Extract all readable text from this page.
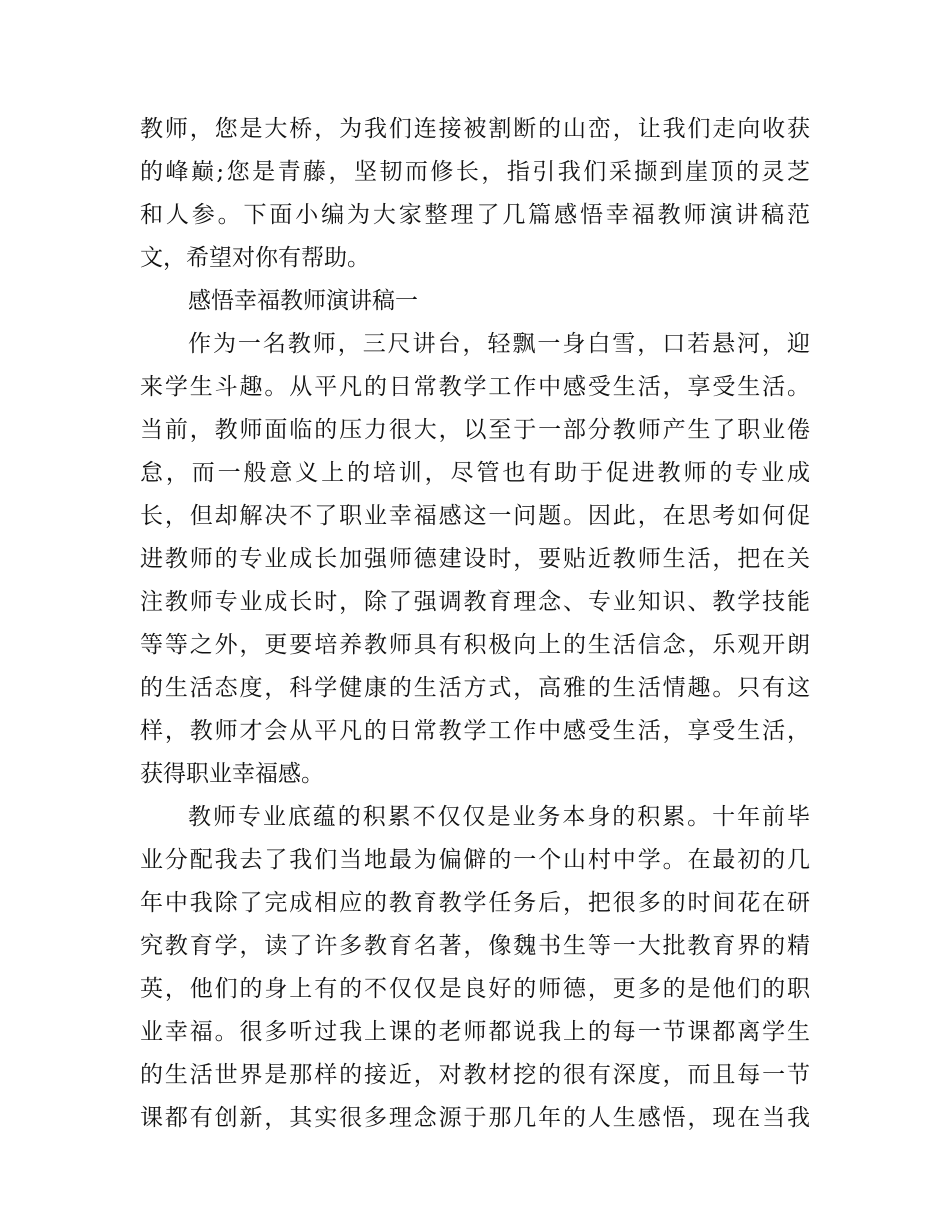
教师，您是大桥，为我们连接被割断的山峦，让我们走向收获

的峰巅;您是青藤，坚韧而修长，指引我们采撷到崖顶的灵芝

和人参。下面小编为大家整理了几篇感悟幸福教师演讲稿范

文，希望对你有帮助。

感悟幸福教师演讲稿一

作为一名教师，三尺讲台，轻飘一身白雪，口若悬河，迎

来学生斗趣。从平凡的日常教学工作中感受生活，享受生活。

当前，教师面临的压力很大，以至于一部分教师产生了职业倦

怠，而一般意义上的培训，尽管也有助于促进教师的专业成

长，但却解决不了职业幸福感这一问题。因此，在思考如何促

进教师的专业成长加强师德建设时，要贴近教师生活，把在关

注教师专业成长时，除了强调教育理念、专业知识、教学技能

等等之外，更要培养教师具有积极向上的生活信念，乐观开朗

的生活态度，科学健康的生活方式，高雅的生活情趣。只有这

样，教师才会从平凡的日常教学工作中感受生活，享受生活，

获得职业幸福感。

教师专业底蕴的积累不仅仅是业务本身的积累。十年前毕

业分配我去了我们当地最为偏僻的一个山村中学。在最初的几

年中我除了完成相应的教育教学任务后，把很多的时间花在研

究教育学，读了许多教育名著，像魏书生等一大批教育界的精

英，他们的身上有的不仅仅是良好的师德，更多的是他们的职

业幸福。很多听过我上课的老师都说我上的每一节课都离学生

的生活世界是那样的接近，对教材挖的很有深度，而且每一节

课都有创新，其实很多理念源于那几年的人生感悟，现在当我
